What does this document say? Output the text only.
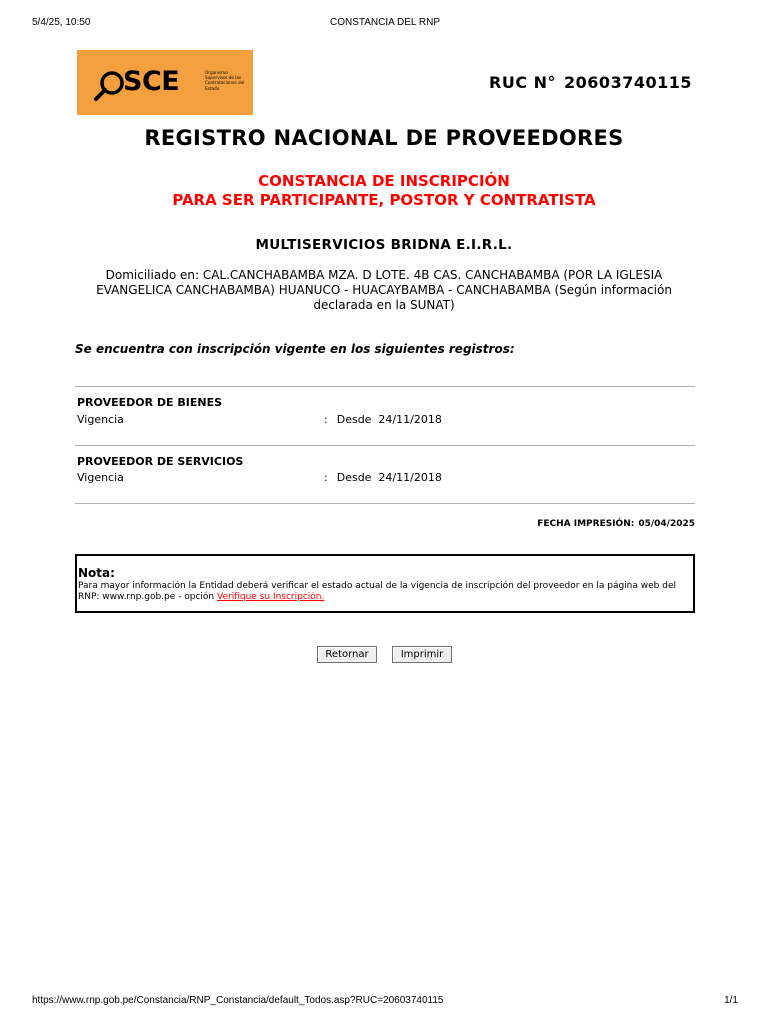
5/4/25, 10:50	CONSTANCIA DEL RNP
SCE	Organismo Supervisor de las Contrataciones del Estado	RUC N° 20603740115
REGISTRO NACIONAL DE PROVEEDORES
CONSTANCIA DE INSCRIPCIÓN
PARA SER PARTICIPANTE, POSTOR Y CONTRATISTA
MULTISERVICIOS BRIDNA E.I.R.L.
Domiciliado en: CAL.CANCHABAMBA MZA. D LOTE. 4B CAS. CANCHABAMBA (POR LA IGLESIA EVANGELICA CANCHABAMBA) HUANUCO - HUACAYBAMBA - CANCHABAMBA (Según información declarada en la SUNAT)
Se encuentra con inscripción vigente en los siguientes registros:
PROVEEDOR DE BIENES
Vigencia	: Desde  24/11/2018
PROVEEDOR DE SERVICIOS
Vigencia	: Desde  24/11/2018
FECHA IMPRESIÓN: 05/04/2025
Nota:
Para mayor información la Entidad deberá verificar el estado actual de la vigencia de inscripción del proveedor en la página web del RNP: www.rnp.gob.pe - opción Verifique su Inscripción.
Retornar	Imprimir
https://www.rnp.gob.pe/Constancia/RNP_Constancia/default_Todos.asp?RUC=20603740115	1/1
